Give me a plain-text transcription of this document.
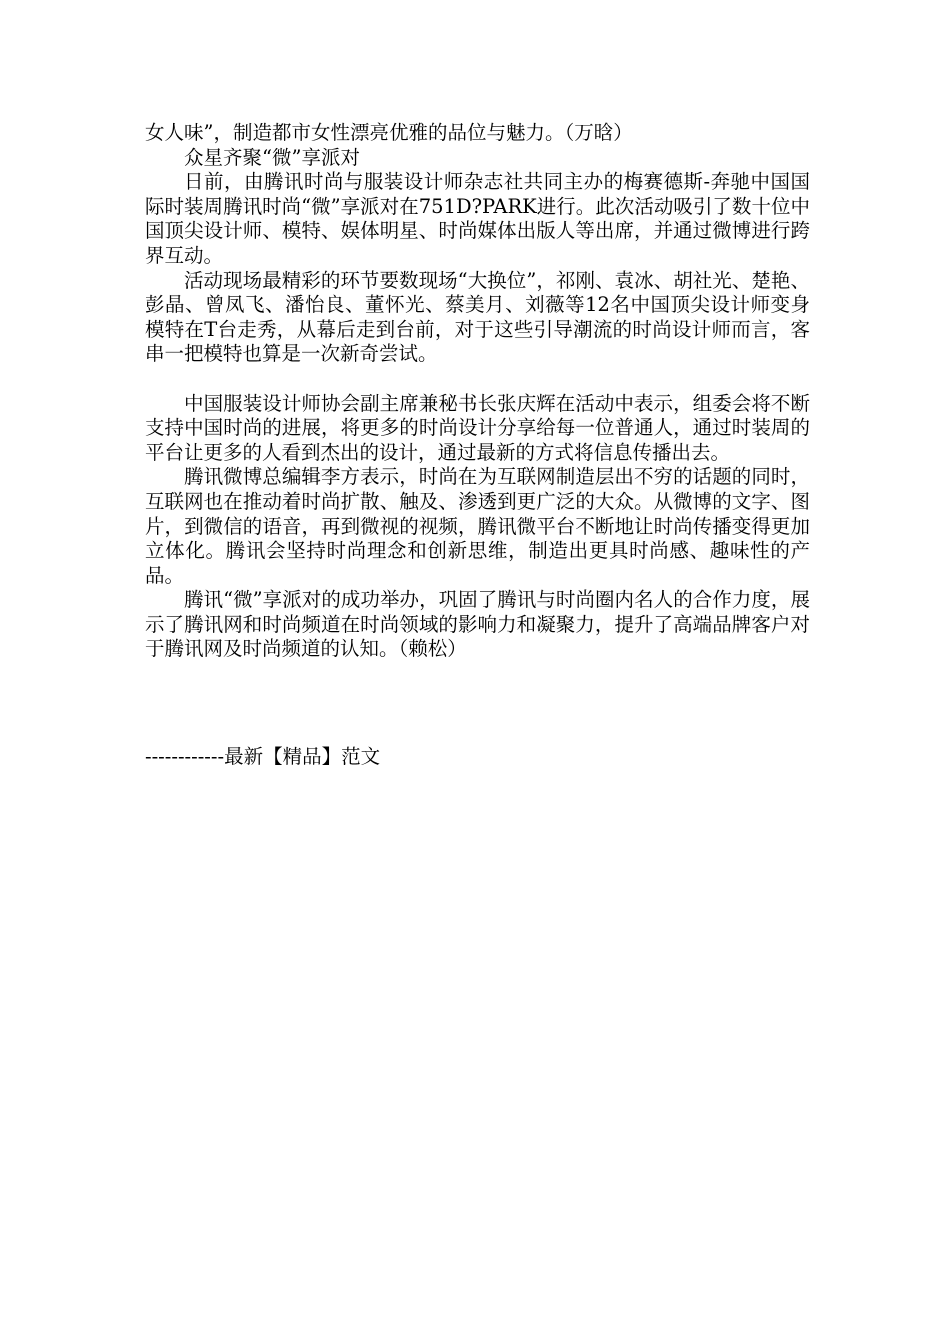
女人味”，制造都市女性漂亮优雅的品位与魅力。（万晗）

众星齐聚“微”享派对

日前，由腾讯时尚与服装设计师杂志社共同主办的梅赛德斯-奔驰中国国际时装周腾讯时尚“微”享派对在751D?PARK进行。此次活动吸引了数十位中国顶尖设计师、模特、娱体明星、时尚媒体出版人等出席，并通过微博进行跨界互动。

活动现场最精彩的环节要数现场“大换位”，祁刚、袁冰、胡社光、楚艳、彭晶、曾凤飞、潘怡良、董怀光、蔡美月、刘薇等12名中国顶尖设计师变身模特在T台走秀，从幕后走到台前，对于这些引导潮流的时尚设计师而言，客串一把模特也算是一次新奇尝试。

中国服装设计师协会副主席兼秘书长张庆辉在活动中表示，组委会将不断支持中国时尚的进展，将更多的时尚设计分享给每一位普通人，通过时装周的平台让更多的人看到杰出的设计，通过最新的方式将信息传播出去。

腾讯微博总编辑李方表示，时尚在为互联网制造层出不穷的话题的同时，互联网也在推动着时尚扩散、触及、渗透到更广泛的大众。从微博的文字、图片，到微信的语音，再到微视的视频，腾讯微平台不断地让时尚传播变得更加立体化。腾讯会坚持时尚理念和创新思维，制造出更具时尚感、趣味性的产品。

腾讯“微”享派对的成功举办，巩固了腾讯与时尚圈内名人的合作力度，展示了腾讯网和时尚频道在时尚领域的影响力和凝聚力，提升了高端品牌客户对于腾讯网及时尚频道的认知。（赖松）

------------最新【精品】范文
